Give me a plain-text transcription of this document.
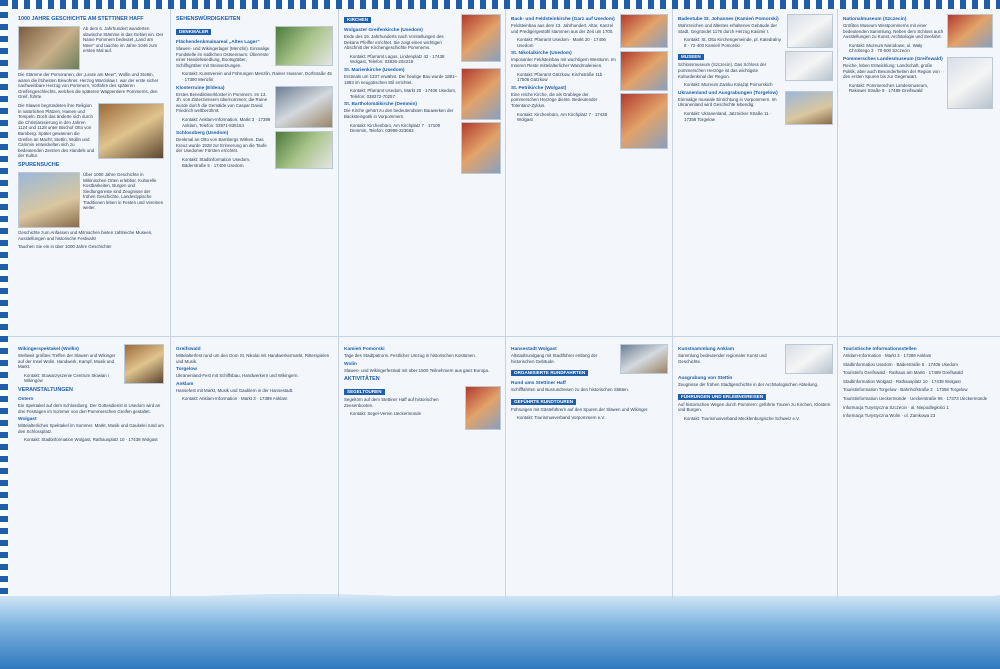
1000 JAHRE GESCHICHTE AM STETTINER HAFF

Ab dem 6. Jahrhundert wanderten slawische Stämme in das Gebiet ein. Der Name Pommern bedeutet „Land am Meer“ und tauchte im Jahre 1046 zum ersten Mal auf.

Die Stämme der Pomoranen, der „Leute am Meer“, Wollin und Stettin, waren die frühesten Bewohner. Herzog Warcisław I. war der erste sicher nachweisbare Herzog von Pommern, Vorfahre des späteren Greifengeschlechts, welches die späteren Wappentiere Pommerns, den Greif, führte.

Die Slawen begründeten ihre Religion in natürlichen Plätzen, Hainen und Tempeln. Doch das änderte sich durch die Christianisierung in den Jahren 1124 und 1128 unter Bischof Otto von Bamberg. Später gewannen die Greifen an Macht; Stettin, Wollin und Cammin entwickelten sich zu bedeutenden Zentren des Handels und der Kultur.

SPURENSUCHE

Über 1000 Jahre Geschichte in Wikinischen Orten erlebbar. Kulturelle Kostbarkeiten, Burgen und Siedlungsreste sind Zeugnisse der frühen Geschichte. Landestypische Traditionen leben in Festen und Vereinen weiter.

Geschichte zum Anfassen und Mitmachen bieten zahlreiche Museen, Ausstellungen und historische Festivals!

Tauchen Sie ein in über 1000 Jahre Geschichte!

SEHENSWÜRDIGKEITEN
DENKMÄLER
Flächendenkmalsareal „Altes Lager“

Slawen- und Wikingerlager (Menzlin). Einmalige Fundstelle im südlichen Ostseeraum: Überreste einer Handelssiedlung, Bootsgräber, Schiffsgräber mit Steinsetzungen.

Kontakt: Kunstverein und Führungen Menzlin, Rainer Hussner, Dorfstraße 45 · 17390 Menzlin

Klosterruine (Eldena)

Erstes Benediktinerkloster in Pommern. Im 13. Jh. von Zisterziensern übernommen; die Ruine wurde durch die Gemälde von Caspar David Friedrich weltberühmt.

Kontakt: Anklam-Information, Markt 3 · 17389 Anklam, Telefon: 03971-835154

Schlossberg (Usedom)

Denkmal an Otto von Bambergs Wirken. Das Kreuz wurde 1928 zur Erinnerung an die Taufe der Usedomer Fürsten errichtet.

Kontakt: Stadtinformation Usedom, Bäderstraße 5 · 17406 Usedom

KIRCHEN
Wolgaster Greifenkirche (Usedom)

Ende des 19. Jahrhunderts nach Vorstellungen des Dekans Pfeiffer errichtet. Sie zeigt einen wichtigen Abschnitt der Kirchengeschichte Pommerns.

Kontakt: Pfarramt Lagos, Lindenplatz 42 · 17438 Wolgast, Telefon: 03836-202218

St. Marienkirche (Usedom)

Erstmals um 1337 erwähnt. Der heutige Bau wurde 1891–1893 im neugotischen Stil errichtet.

Kontakt: Pfarramt Usedom, Markt 20 · 17406 Usedom, Telefon: 038372-70257

St. Bartholomäikirche (Demmin)

Die Kirche gehört zu den bedeutendsten Bauwerken der Backsteingotik in Vorpommern.

Kontakt: Kirchenbüro, Am Kirchplatz 7 · 17109 Demmin, Telefon: 03998-223663

Back- und Feldsteinkirche (Garz auf Usedom)

Feldsteinbau aus dem 13. Jahrhundert. Altar, Kanzel und Predigergestühl stammen aus der Zeit um 1700.

Kontakt: Pfarramt Usedom · Markt 20 · 17406 Usedom

St. Nikolaikirche (Usedom)

Imposanter Feldsteinbau mit wuchtigem Westturm. Im Inneren Reste mittelalterlicher Wandmalereien.

Kontakt: Pfarramt Gützkow, Kirchstraße 11b · 17506 Gützkow

St. Petrikirche (Wolgast)

Eine reiche Kirche, die als Grablege der pommerschen Herzöge diente. Bedeutender Totentanz-Zyklus.

Kontakt: Kirchenbüro, Am Kirchplatz 7 · 17438 Wolgast

Badestube St. Johannes (Kamień Pomorski)

Wahrzeichen und ältestes erhaltenes Gebäude der Stadt. Gegründet 1176 durch Herzog Kasimir I.

Kontakt: St. Otto Kirchengemeinde, pl. Katedralny 8 · 72-400 Kamień Pomorski

MUSEEN

Schlossmuseum (Szczecin). Das Schloss der pommerschen Herzöge ist das wichtigste Kulturdenkmal der Region.

Kontakt: Muzeum Zamku Książąt Pomorskich

Ukranenland und Ausgrabungen (Torgelow)

Einmalige museale Einrichtung in Vorpommern. Im Ukranenland wird Geschichte lebendig.

Kontakt: Ukranenland, Jatznicker Straße 11 · 17358 Torgelow

Nationalmuseum (Szczecin)

Größtes Museum Westpommerns mit einer bedeutenden Sammlung. Neben dem Schloss auch Ausstellungen zu Kunst, Archäologie und Seefahrt.

Kontakt: Muzeum Narodowe, ul. Wały Chrobrego 3 · 70-500 Szczecin

Pommersches Landesmuseum (Greifswald)

Reiche, leben Entwicklung: Landschaft, große Politik, aber auch Besonderheiten der Region von den ersten Spuren bis zur Gegenwart.

Kontakt: Pommersches Landesmuseum, Rakower Straße 9 · 17489 Greifswald

Wikingerspektakel (Wollin)

Weltweit größtes Treffen der Slawen und Wikinger auf der Insel Wolin. Handwerk, Kampf, Musik und Markt.

Kontakt: Stowarzyszenie Centrum Słowian i Wikingów

VERANSTALTUNGEN
Ostern

Ein Spektakel auf dem Schlossberg. Der Gottesdienst in Usedom wird an drei Festtagen im Sommer von den Pommerschen Greifen gestaltet.

Wolgast

Mittelalterliches Spektakel im Sommer. Markt, Musik und Gaukelei rund um den Schlossplatz.

Kontakt: Stadtinformation Wolgast, Rathausplatz 10 · 17438 Wolgast

Greifswald

Mittelalterfest rund um den Dom St. Nikolai mit Handwerkermarkt, Ritterspielen und Musik.

Torgelow

Ukranenland-Fest mit Schiffsbau, Handwerkern und Wikingern.

Anklam

Hansefest mit Markt, Musik und Gauklern in der Hansestadt.

Kontakt: Anklam-Information · Markt 3 · 17389 Anklam

Kamień Pomorski

Tage des Stadtpatrons. Festlicher Umzug in historischen Kostümen.

Wolin

Slawen- und Wikingerfestival mit über 1500 Teilnehmern aus ganz Europa.

AKTIVITÄTEN
SEGELTOUREN

Segeltörn auf dem Stettiner Haff auf historischen Zeesenbooten.

Kontakt: Segel-Verein Ueckermünde

Hansestadt Wolgast

Altstadtrundgang mit Stadtführer entlang der historischen Gebäude.

ORGANISIERTE RUNDFAHRTEN
Rund ums Stettiner Haff

Schifffahrten und Busrundreisen zu den historischen Stätten.

GEFÜHRTE RUNDTOUREN

Führungen mit Gästeführern auf den Spuren der Slawen und Wikinger.

Kontakt: Tourismusverband Vorpommern e.V.

Kunstsammlung Anklam

Sammlung bedeutender regionaler Kunst und Geschichte.

Ausgrabung von Stettin

Zeugnisse der frühen Stadtgeschichte in der Archäologischen Abteilung.

FÜHRUNGEN UND ERLEBNISREISEN

Auf historischen Wegen durch Pommern: geführte Touren zu Kirchen, Klöstern und Burgen.

Kontakt: Tourismusverband Mecklenburgische Schweiz e.V.

Touristische Informationsstellen

Anklam-Information · Markt 3 · 17389 Anklam

Stadtinformation Usedom · Bäderstraße 5 · 17406 Usedom

Touristinfo Greifswald · Rathaus am Markt · 17489 Greifswald

Stadtinformation Wolgast · Rathausplatz 10 · 17438 Wolgast

Touristinformation Torgelow · Bahnhofstraße 2 · 17358 Torgelow

Touristinformation Ueckermünde · Ueckerstraße 96 · 17373 Ueckermünde

Informacja Turystyczna Szczecin · al. Niepodległości 1

Informacja Turystyczna Wolin · ul. Zamkowa 23
